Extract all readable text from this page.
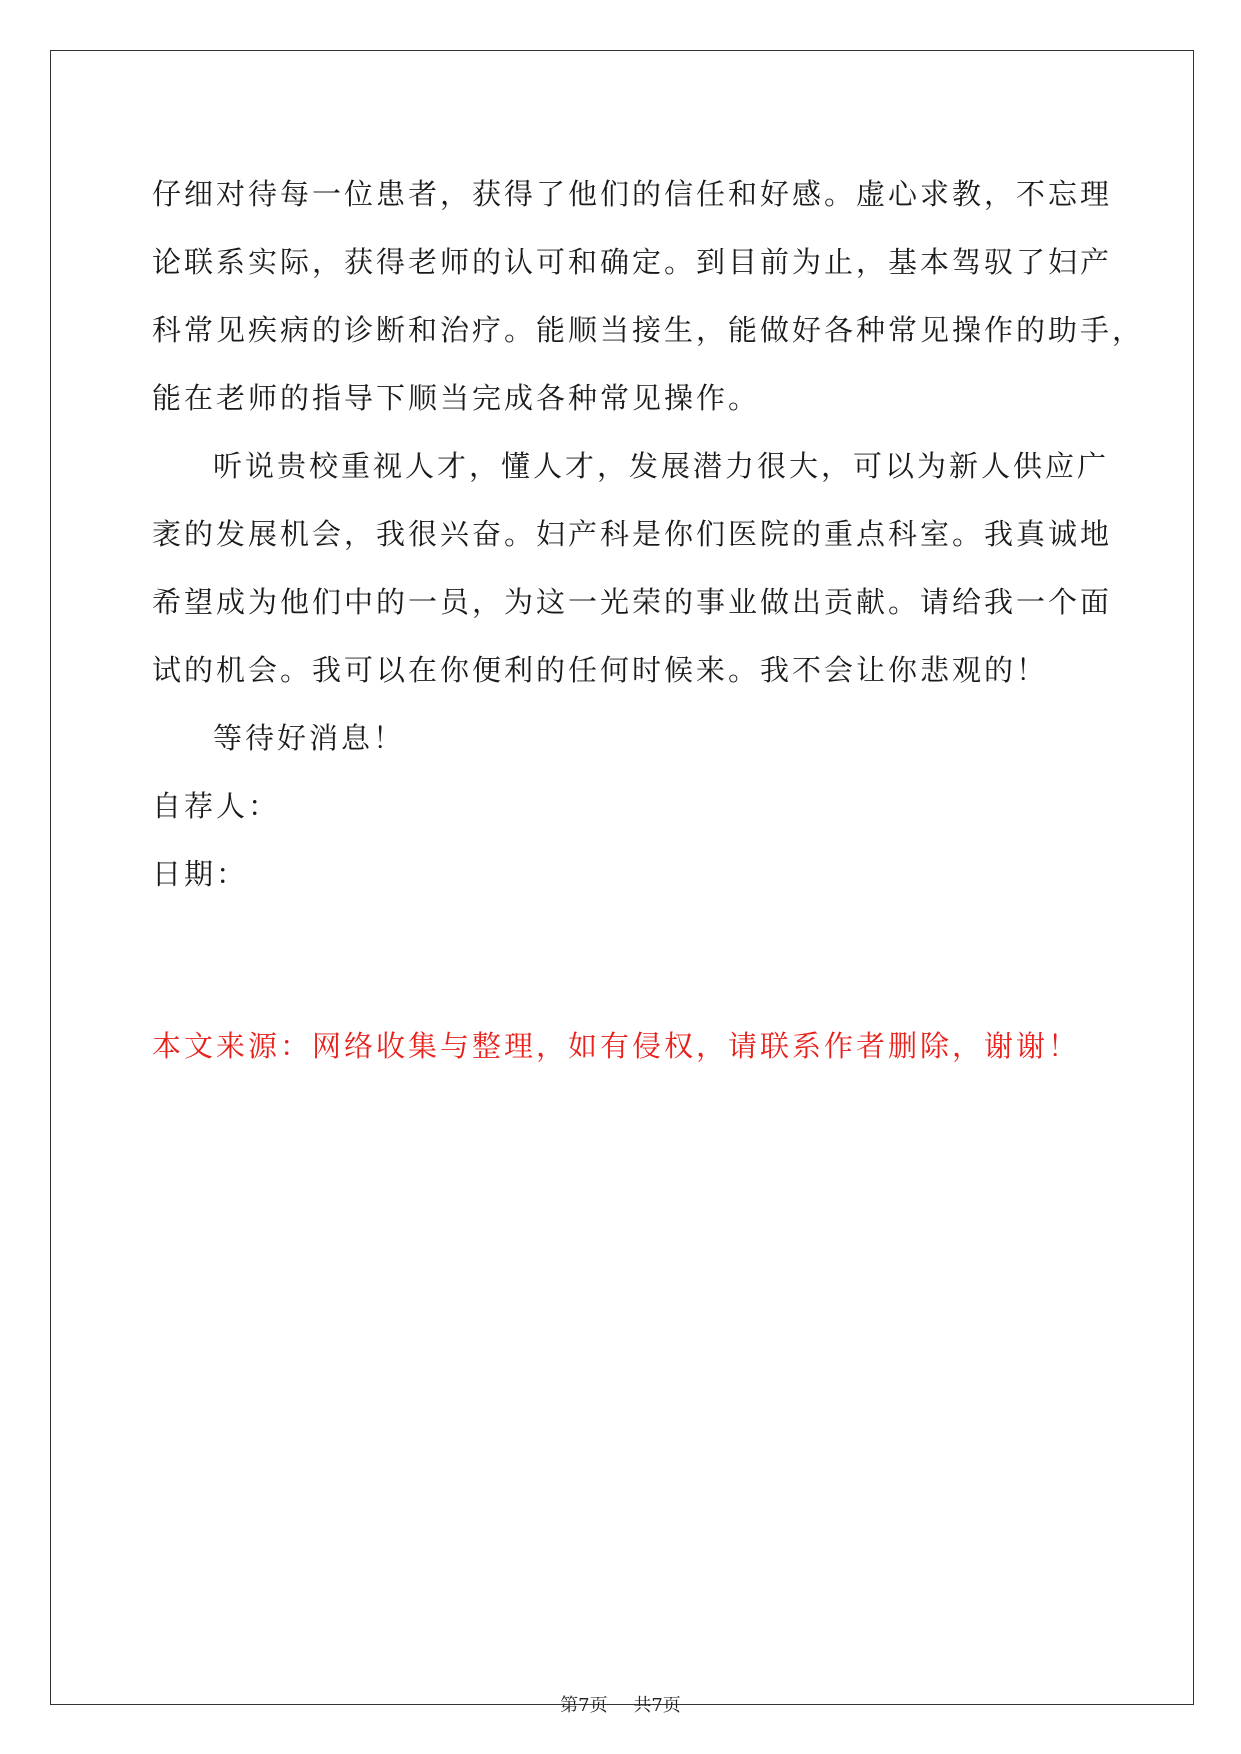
仔细对待每一位患者，获得了他们的信任和好感。虚心求教，不忘理
论联系实际，获得老师的认可和确定。到目前为止，基本驾驭了妇产
科常见疾病的诊断和治疗。能顺当接生，能做好各种常见操作的助手，
能在老师的指导下顺当完成各种常见操作。
听说贵校重视人才，懂人才，发展潜力很大，可以为新人供应广
袤的发展机会，我很兴奋。妇产科是你们医院的重点科室。我真诚地
希望成为他们中的一员，为这一光荣的事业做出贡献。请给我一个面
试的机会。我可以在你便利的任何时候来。我不会让你悲观的！
等待好消息！
自荐人：
日期：
本文来源：网络收集与整理，如有侵权，请联系作者删除，谢谢！
第7页 共7页
